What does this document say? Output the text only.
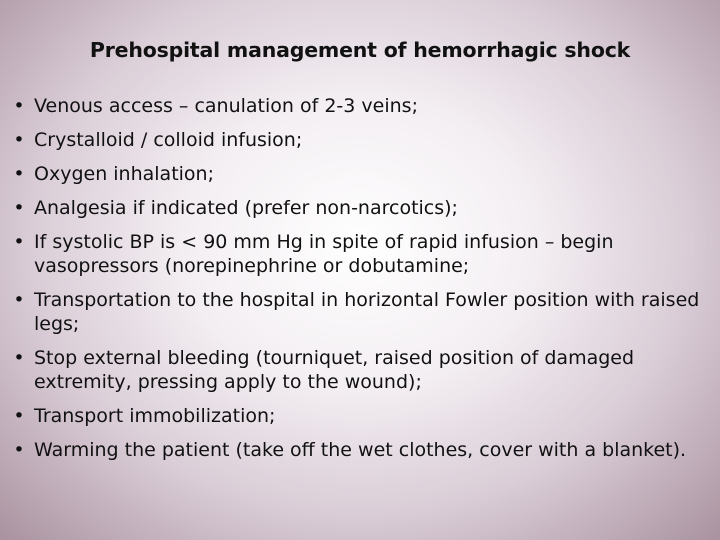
Prehospital management of hemorrhagic shock
• Venous access – canulation of 2-3 veins;
• Crystalloid / colloid infusion;
• Oxygen inhalation;
• Analgesia if indicated (prefer non-narcotics);
• If systolic BP is < 90 mm Hg in spite of rapid infusion – begin vasopressors (norepinephrine or dobutamine;
• Transportation to the hospital in horizontal Fowler position with raised legs;
• Stop external bleeding (tourniquet, raised position of damaged extremity, pressing apply to the wound);
• Transport immobilization;
• Warming the patient (take off the wet clothes, cover with a blanket).
